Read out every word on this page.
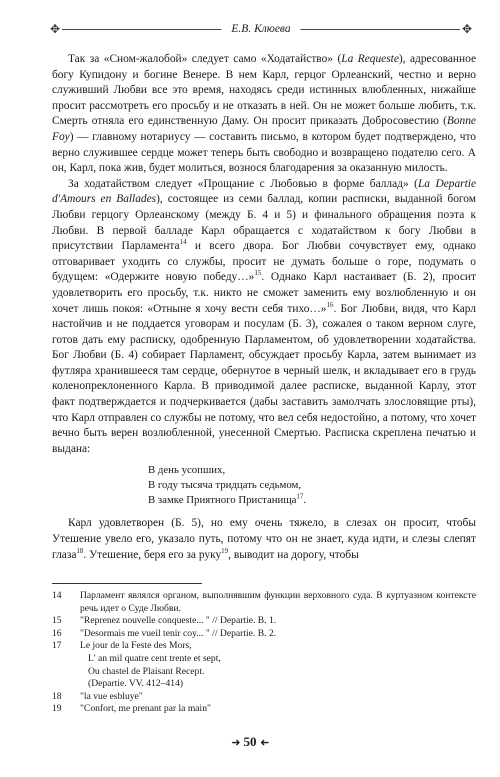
✥	Е.В. Клюева	✥

Так за «Сном-жалобой» следует само «Ходатайство» (La Requeste), адресованное богу Купидону и богине Венере. В нем Карл, герцог Орлеанский, честно и верно служивший Любви все это время, находясь среди истинных влюбленных, нижайше просит рассмотреть его просьбу и не отказать в ней. Он не может больше любить, т.к. Смерть отняла его единственную Даму. Он просит приказать Добросовестию (Bonne Foy) — главному нотариусу — составить письмо, в котором будет подтверждено, что верно служившее сердце может теперь быть свободно и возвращено подателю сего. А он, Карл, пока жив, будет молиться, вознося благодарения за оказанную милость.

За ходатайством следует «Прощание с Любовью в форме баллад» (La Departie d'Amours en Ballades), состоящее из семи баллад, копии расписки, выданной богом Любви герцогу Орлеанскому (между Б. 4 и 5) и финального обращения поэта к Любви. В первой балладе Карл обращается с ходатайством к богу Любви в присутствии Парламента$^{14}$ и всего двора. Бог Любви сочувствует ему, однако отговаривает уходить со службы, просит не думать больше о горе, подумать о будущем: «Одержите новую победу…»$^{15}$. Однако Карл настаивает (Б. 2), просит удовлетворить его просьбу, т.к. никто не сможет заменить ему возлюбленную и он хочет лишь покоя: «Отныне я хочу вести себя тихо…»$^{16}$. Бог Любви, видя, что Карл настойчив и не поддается уговорам и посулам (Б. 3), сожалея о таком верном слуге, готов дать ему расписку, одобренную Парламентом, об удовлетворении ходатайства. Бог Любви (Б. 4) собирает Парламент, обсуждает просьбу Карла, затем вынимает из футляра хранившееся там сердце, обернутое в черный шелк, и вкладывает его в грудь коленопреклоненного Карла. В приводимой далее расписке, выданной Карлу, этот факт подтверждается и подчеркивается (дабы заставить замолчать злословящие рты), что Карл отправлен со службы не потому, что вел себя недостойно, а потому, что хочет вечно быть верен возлюбленной, унесенной Смертью. Расписка скреплена печатью и выдана:

В день усопших,
В году тысяча тридцать седьмом,
В замке Приятного Пристанища$^{17}$.

Карл удовлетворен (Б. 5), но ему очень тяжело, в слезах он просит, чтобы Утешение увело его, указало путь, потому что он не знает, куда идти, и слезы слепят глаза$^{18}$. Утешение, беря его за руку$^{19}$, выводит на дорогу, чтобы

14	Парламент являлся органом, выполнявшим функции верховного суда. В куртуазном контексте речь идет о Суде Любви.
15	"Reprenez nouvelle conqueste... " // Departie. B. 1.
16	"Desormais me vueil tenir coy... " // Departie. B. 2.
17	Le jour de la Feste des Mors,
L' an mil quatre cent trente et sept,
Ou chastel de Plaisant Recept.
(Departie. VV. 412–414)
18	"la vue esbluye"
19	"Confort, me prenant par la main"
➜ 50 ➜
